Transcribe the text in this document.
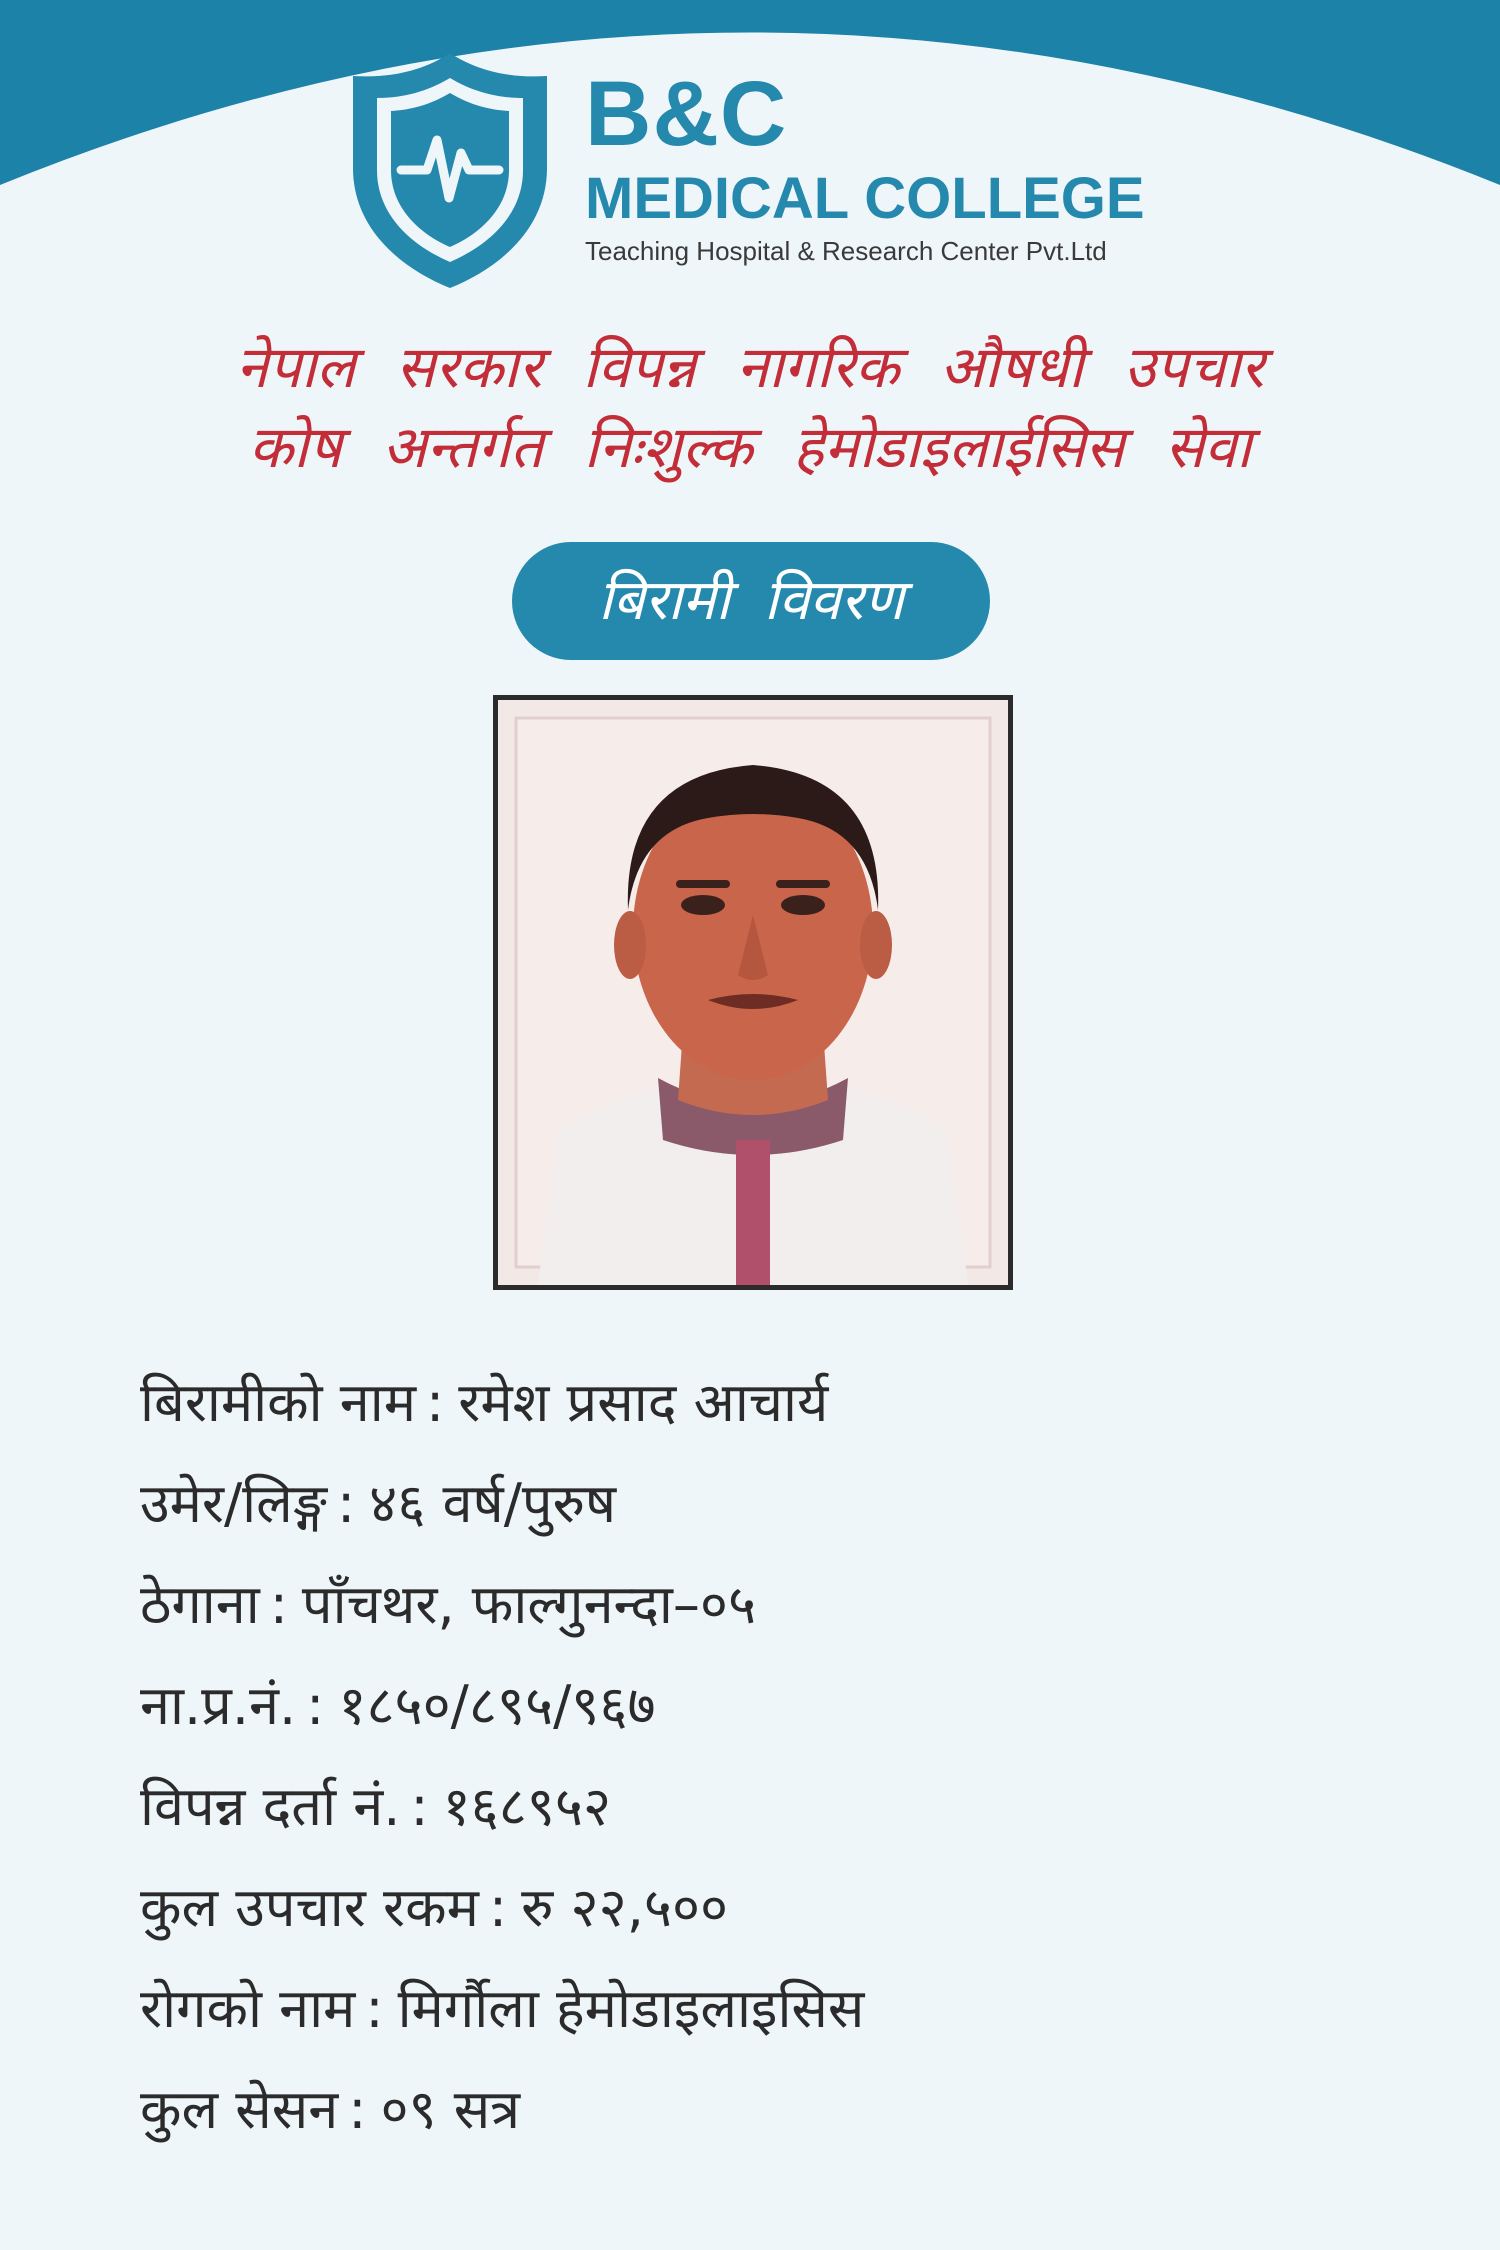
B&C
MEDICAL COLLEGE
Teaching Hospital & Research Center Pvt.Ltd
नेपाल सरकार विपन्न नागरिक औषधी उपचार
कोष अन्तर्गत निःशुल्क हेमोडाइलाईसिस सेवा
बिरामी विवरण
बिरामीको नाम : रमेश प्रसाद आचार्य
उमेर/लिङ्ग : ४६ वर्ष/पुरुष
ठेगाना : पाँचथर, फाल्गुनन्दा–०५
ना.प्र.नं. : १८५०/८९५/९६७
विपन्न दर्ता नं. : १६८९५२
कुल उपचार रकम : रु २२,५००
रोगको नाम : मिर्गौला हेमोडाइलाइसिस
कुल सेसन : ०९ सत्र
